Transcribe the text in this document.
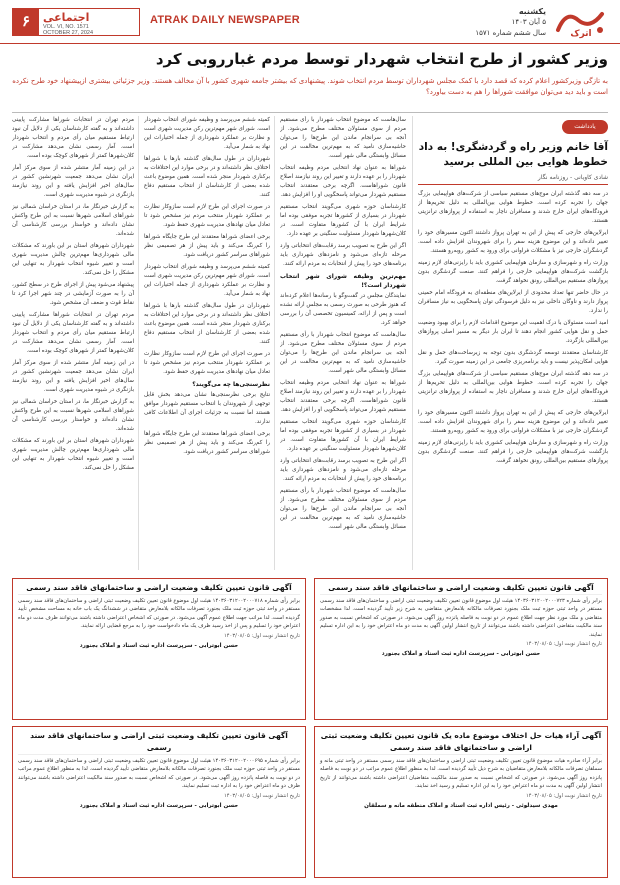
اترک
یکشنبه
۵ آبان ۱۴۰۳
سال ششم شماره ۱۵۷۱
ATRAK DAILY NEWSPAPER
۶	اجتماعی
VOL. VI, NO. 1571
OCTOBER 27, 2024
وزیر کشور از طرح انتخاب شهردار توسط مردم غبارروبی کرد
به تازگی وزیرکشور اعلام کرده که قصد دارد با کمک مجلس شهرداران توسط مردم انتخاب شوند. پیشنهادی که بیشتر جامعه شهری کشور با آن مخالف هستند. وزیر جزئیاتی بیشتری ازپیشنهاد خود طرح نکرده است و باید دید می‌توان موافقت شوراها را هم به دست بیاورد؟

سال‌هاست که موضوع انتخاب شهردار با رأی مستقیم مردم از سوی مسئولان مختلف مطرح می‌شود. از آنجه بی سرانجام ماندن این طرح‌ها را می‌توان حاشیه‌سازی نامید که به مهم‌ترین مخالفت در این مسائل وابستگی مالی شهر است.

شوراها به عنوان نهاد انتخابی مردم وظیفه انتخاب شهردار را بر عهده دارند و تغییر این روند نیازمند اصلاح قانون شوراهاست. اگرچه برخی معتقدند انتخاب مستقیم شهردار می‌تواند پاسخگویی او را افزایش دهد.

کارشناسان حوزه شهری می‌گویند انتخاب مستقیم شهردار در بسیاری از کشورها تجربه موفقی بوده اما شرایط ایران با آن کشورها متفاوت است. در کلان‌شهرها شهردار مسئولیت سنگینی بر عهده دارد.

اگر این طرح به تصویب برسد رقابت‌های انتخاباتی وارد مرحله تازه‌ای می‌شود و نامزدهای شهرداری باید برنامه‌های خود را پیش از انتخابات به مردم ارائه کنند.

مهم‌ترین وظیفه شورای شهر انتخاب شهردار است؟!

نمایندگان مجلس در گفت‌وگو با رسانه‌ها اعلام کرده‌اند که هنوز طرحی به صورت رسمی به مجلس ارائه نشده است و پس از ارائه، کمیسیون تخصصی آن را بررسی خواهد کرد.

سال‌هاست که موضوع انتخاب شهردار با رأی مستقیم مردم از سوی مسئولان مختلف مطرح می‌شود. از آنجه بی سرانجام ماندن این طرح‌ها را می‌توان حاشیه‌سازی نامید که به مهم‌ترین مخالفت در این مسائل وابستگی مالی شهر است.

شوراها به عنوان نهاد انتخابی مردم وظیفه انتخاب شهردار را بر عهده دارند و تغییر این روند نیازمند اصلاح قانون شوراهاست. اگرچه برخی معتقدند انتخاب مستقیم شهردار می‌تواند پاسخگویی او را افزایش دهد.

کارشناسان حوزه شهری می‌گویند انتخاب مستقیم شهردار در بسیاری از کشورها تجربه موفقی بوده اما شرایط ایران با آن کشورها متفاوت است. در کلان‌شهرها شهردار مسئولیت سنگینی بر عهده دارد.

اگر این طرح به تصویب برسد رقابت‌های انتخاباتی وارد مرحله تازه‌ای می‌شود و نامزدهای شهرداری باید برنامه‌های خود را پیش از انتخابات به مردم ارائه کنند.

سال‌هاست که موضوع انتخاب شهردار با رأی مستقیم مردم از سوی مسئولان مختلف مطرح می‌شود. از آنجه بی سرانجام ماندن این طرح‌ها را می‌توان حاشیه‌سازی نامید که به مهم‌ترین مخالفت در این مسائل وابستگی مالی شهر است.

کمیته ششم می‌پرسد و وظیفه شورای انتخاب شهردار است. شورای شهر مهم‌ترین رکن مدیریت شهری است و نظارت بر عملکرد شهرداری از جمله اختیارات این نهاد به شمار می‌آید.

شهرداران در طول سال‌های گذشته بارها با شوراها اختلاف نظر داشته‌اند و در برخی موارد این اختلافات به برکناری شهردار منجر شده است. همین موضوع باعث شده بعضی از کارشناسان از انتخاب مستقیم دفاع کنند.

در صورت اجرای این طرح لازم است سازوکار نظارت بر عملکرد شهردار منتخب مردم نیز مشخص شود تا تعادل میان نهادهای مدیریت شهری حفظ شود.

برخی اعضای شوراها معتقدند این طرح جایگاه شوراها را کم‌رنگ می‌کند و باید پیش از هر تصمیمی نظر شوراهای سراسر کشور دریافت شود.

کمیته ششم می‌پرسد و وظیفه شورای انتخاب شهردار است. شورای شهر مهم‌ترین رکن مدیریت شهری است و نظارت بر عملکرد شهرداری از جمله اختیارات این نهاد به شمار می‌آید.

شهرداران در طول سال‌های گذشته بارها با شوراها اختلاف نظر داشته‌اند و در برخی موارد این اختلافات به برکناری شهردار منجر شده است. همین موضوع باعث شده بعضی از کارشناسان از انتخاب مستقیم دفاع کنند.

در صورت اجرای این طرح لازم است سازوکار نظارت بر عملکرد شهردار منتخب مردم نیز مشخص شود تا تعادل میان نهادهای مدیریت شهری حفظ شود.

نظرسنجی‌ها چه می‌گویند؟

نتایج برخی نظرسنجی‌ها نشان می‌دهد بخش قابل توجهی از شهروندان با انتخاب مستقیم شهردار موافق هستند اما نسبت به جزئیات اجرای آن اطلاعات کافی ندارند.

برخی اعضای شوراها معتقدند این طرح جایگاه شوراها را کم‌رنگ می‌کند و باید پیش از هر تصمیمی نظر شوراهای سراسر کشور دریافت شود.

مردم تهران در انتخابات شوراها مشارکت پایینی داشته‌اند و به گفته کارشناسان یکی از دلایل آن نبود ارتباط مستقیم میان رأی مردم و انتخاب شهردار است. آمار رسمی نشان می‌دهد مشارکت در کلان‌شهرها کمتر از شهرهای کوچک بوده است.

در این زمینه آمار منتشر شده از سوی مرکز آمار ایران نشان می‌دهد جمعیت شهرنشین کشور در سال‌های اخیر افزایش یافته و این روند نیازمند بازنگری در شیوه مدیریت شهری است.

به گزارش خبرنگار ما، در استان خراسان شمالی نیز شوراهای اسلامی شهرها نسبت به این طرح واکنش نشان داده‌اند و خواستار بررسی کارشناسی آن شده‌اند.

شهرداران شهرهای استان بر این باورند که مشکلات مالی شهرداری‌ها مهم‌ترین چالش مدیریت شهری است و تغییر شیوه انتخاب شهردار به تنهایی این مشکل را حل نمی‌کند.

پیشنهاد می‌شود پیش از اجرای طرح در سطح کشور، آن را به صورت آزمایشی در چند شهر اجرا کرد تا نقاط قوت و ضعف آن مشخص شود.

مردم تهران در انتخابات شوراها مشارکت پایینی داشته‌اند و به گفته کارشناسان یکی از دلایل آن نبود ارتباط مستقیم میان رأی مردم و انتخاب شهردار است. آمار رسمی نشان می‌دهد مشارکت در کلان‌شهرها کمتر از شهرهای کوچک بوده است.

در این زمینه آمار منتشر شده از سوی مرکز آمار ایران نشان می‌دهد جمعیت شهرنشین کشور در سال‌های اخیر افزایش یافته و این روند نیازمند بازنگری در شیوه مدیریت شهری است.

به گزارش خبرنگار ما، در استان خراسان شمالی نیز شوراهای اسلامی شهرها نسبت به این طرح واکنش نشان داده‌اند و خواستار بررسی کارشناسی آن شده‌اند.

شهرداران شهرهای استان بر این باورند که مشکلات مالی شهرداری‌ها مهم‌ترین چالش مدیریت شهری است و تغییر شیوه انتخاب شهردار به تنهایی این مشکل را حل نمی‌کند.

یادداشت
آقا خانم وزیر راه و گردشگری! به داد خطوط هوایی بین المللی برسید
شادی کاویانی - روزنامه نگار

در سه دهه گذشته ایران موج‌های مستقیم سیاسی از شرکت‌های هواپیمایی بزرگ جهان را تجربه کرده است. خطوط هوایی بین‌المللی به دلیل تحریم‌ها از فرودگاه‌های ایران خارج شدند و مسافران ناچار به استفاده از پروازهای ترانزیتی هستند.

ایرلاین‌های خارجی که پیش از این به تهران پرواز داشتند اکنون مسیرهای خود را تغییر داده‌اند و این موضوع هزینه سفر را برای شهروندان افزایش داده است. گردشگران خارجی نیز با مشکلات فراوانی برای ورود به کشور روبه‌رو هستند.

وزارت راه و شهرسازی و سازمان هواپیمایی کشوری باید با رایزنی‌های لازم زمینه بازگشت شرکت‌های هواپیمایی خارجی را فراهم کنند. صنعت گردشگری بدون پروازهای مستقیم بین‌المللی رونق نخواهد گرفت.

در حال حاضر تنها تعداد محدودی از ایرلاین‌های منطقه‌ای به فرودگاه امام خمینی پرواز دارند و ناوگان داخلی نیز به دلیل فرسودگی توان پاسخگویی به نیاز مسافران را ندارد.

امید است مسئولان با درک اهمیت این موضوع اقدامات لازم را برای بهبود وضعیت حمل و نقل هوایی کشور انجام دهند تا ایران بار دیگر به مسیر اصلی پروازهای بین‌المللی بازگردد.

کارشناسان معتقدند توسعه گردشگری بدون توجه به زیرساخت‌های حمل و نقل هوایی امکان‌پذیر نیست و باید برنامه‌ریزی جامعی در این زمینه صورت گیرد.

در سه دهه گذشته ایران موج‌های مستقیم سیاسی از شرکت‌های هواپیمایی بزرگ جهان را تجربه کرده است. خطوط هوایی بین‌المللی به دلیل تحریم‌ها از فرودگاه‌های ایران خارج شدند و مسافران ناچار به استفاده از پروازهای ترانزیتی هستند.

ایرلاین‌های خارجی که پیش از این به تهران پرواز داشتند اکنون مسیرهای خود را تغییر داده‌اند و این موضوع هزینه سفر را برای شهروندان افزایش داده است. گردشگران خارجی نیز با مشکلات فراوانی برای ورود به کشور روبه‌رو هستند.

وزارت راه و شهرسازی و سازمان هواپیمایی کشوری باید با رایزنی‌های لازم زمینه بازگشت شرکت‌های هواپیمایی خارجی را فراهم کنند. صنعت گردشگری بدون پروازهای مستقیم بین‌المللی رونق نخواهد گرفت.

آگهی قانون تعیین تکلیف وضعیت اراضی و ساختمانهای فاقد سند رسمی
برابر رأی شماره ۱۴۰۳۶۰۳۱۲۰۰۲۰۰۰۷۲۳ هیئت اول موضوع قانون تعیین تکلیف وضعیت ثبتی اراضی و ساختمان‌های فاقد سند رسمی مستقر در واحد ثبتی حوزه ثبت ملک بجنورد تصرفات مالکانه بلامعارض متقاضی به شرح زیر تأیید گردیده است. لذا مشخصات متقاضی و ملک مورد نظر جهت اطلاع عموم در دو نوبت به فاصله پانزده روز آگهی می‌شود. در صورتی که اشخاص نسبت به صدور سند مالکیت متقاضی اعتراضی داشته باشند می‌توانند از تاریخ انتشار اولین آگهی به مدت دو ماه اعتراض خود را به این اداره تسلیم نمایند.
تاریخ انتشار نوبت اول: ۱۴۰۳/۰۸/۰۵
حسن ابوترابی - سرپرست اداره ثبت اسناد و املاک بجنورد
آگهی قانون تعیین تکلیف وضعیت اراضی و ساختمانهای فاقد سند رسمی
برابر رأی شماره ۱۴۰۳۶۰۳۱۲۰۰۲۰۰۰۷۱۸ هیئت اول موضوع قانون تعیین تکلیف وضعیت ثبتی اراضی و ساختمان‌های فاقد سند رسمی مستقر در واحد ثبتی حوزه ثبت ملک بجنورد تصرفات مالکانه بلامعارض متقاضی در ششدانگ یک باب خانه به مساحت مشخص تأیید گردیده است. لذا مراتب جهت اطلاع عموم آگهی می‌شود. در صورتی که اشخاص اعتراضی داشته باشند می‌توانند ظرف مدت دو ماه اعتراض خود را تسلیم و پس از اخذ رسید ظرف یک ماه دادخواست خود را به مرجع قضایی ارائه نمایند.
تاریخ انتشار نوبت اول: ۱۴۰۳/۰۸/۰۵
حسن ابوترابی - سرپرست اداره ثبت اسناد و املاک بجنورد
آگهی آراء هیات حل اختلاف موضوع ماده یک قانون تعیین تکلیف وضعیت ثبتی اراضی و ساختمانهای فاقد سند رسمی
برابر آراء صادره هیات موضوع قانون تعیین تکلیف وضعیت ثبتی اراضی و ساختمان‌های فاقد سند رسمی مستقر در واحد ثبتی مانه و سملقان تصرفات مالکانه بلامعارض متقاضیان به شرح ذیل تأیید گردیده است. لذا به منظور اطلاع عموم مراتب در دو نوبت به فاصله پانزده روز آگهی می‌شود. در صورتی که اشخاص نسبت به صدور سند مالکیت متقاضیان اعتراضی داشته باشند می‌توانند از تاریخ انتشار اولین آگهی به مدت دو ماه اعتراض خود را به این اداره تسلیم و رسید اخذ نمایند.
تاریخ انتشار نوبت اول: ۱۴۰۳/۰۸/۰۵
مهدی سیدلوئی - رئیس اداره ثبت اسناد و املاک منطقه مانه و سملقان
آگهی قانون تعیین تکلیف وضعیت ثبتی اراضی و ساختمانهای فاقد سند رسمی
برابر رأی شماره ۱۴۰۳۶۰۳۱۲۰۰۲۰۰۰۶۹۵ هیئت اول موضوع قانون تعیین تکلیف وضعیت ثبتی اراضی و ساختمان‌های فاقد سند رسمی مستقر در واحد ثبتی حوزه ثبت ملک بجنورد تصرفات مالکانه بلامعارض متقاضی تأیید گردیده است. لذا به منظور اطلاع عموم مراتب در دو نوبت به فاصله پانزده روز آگهی می‌شود. در صورتی که اشخاص نسبت به صدور سند مالکیت اعتراضی داشته باشند می‌توانند ظرف دو ماه اعتراض خود را به اداره ثبت تسلیم نمایند.
تاریخ انتشار نوبت اول: ۱۴۰۳/۰۸/۰۵
حسن ابوترابی - سرپرست اداره ثبت اسناد و املاک بجنورد
